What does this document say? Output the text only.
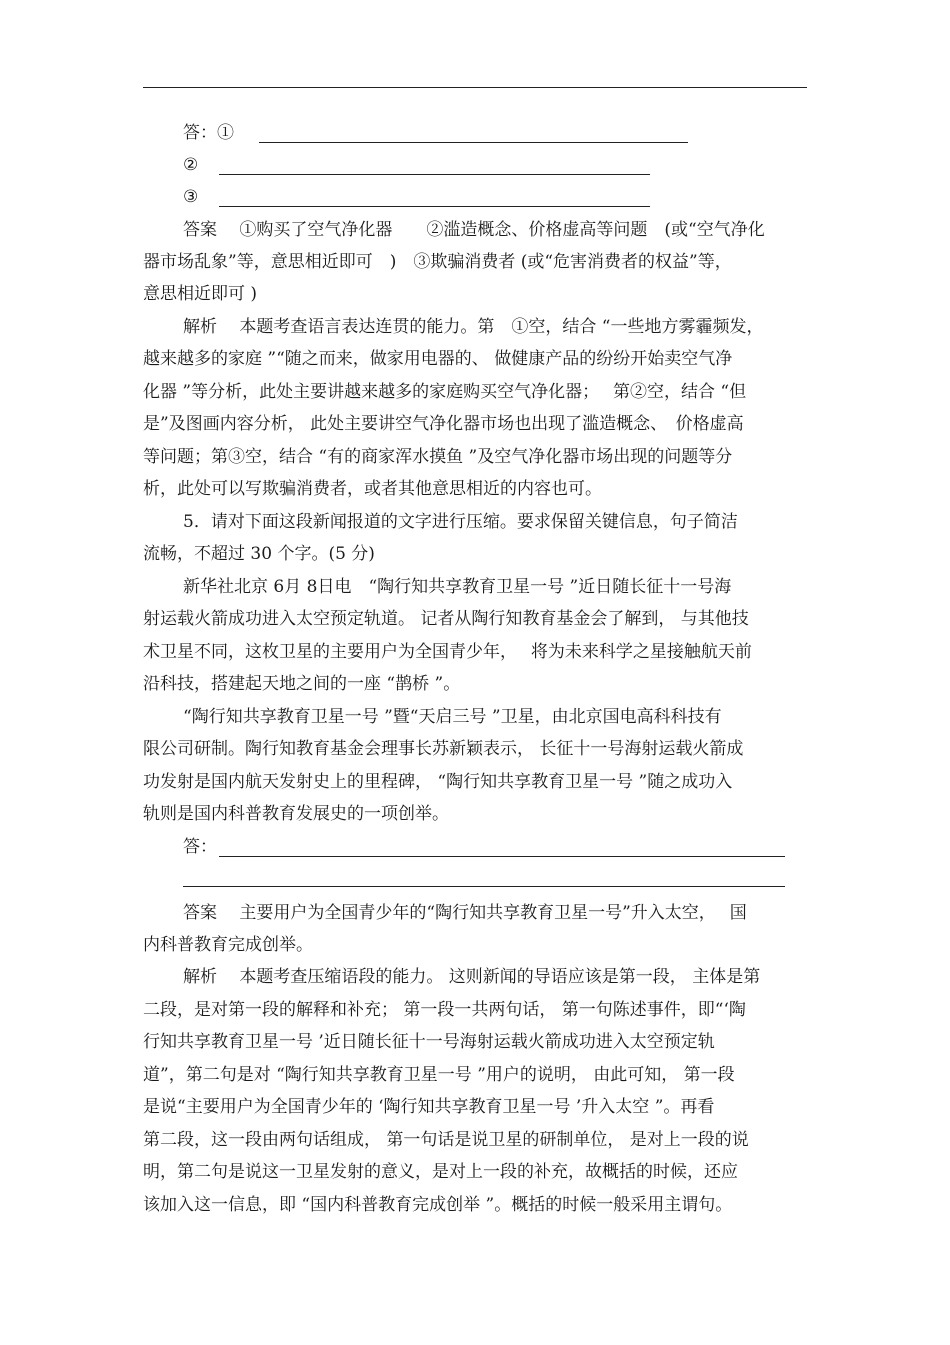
答：①
②
③
答案　 ①购买了空气净化器　　②滥造概念、价格虚高等问题　(或“空气净化
器市场乱象”等，意思相近即可　)　③欺骗消费者 (或“危害消费者的权益”等，
意思相近即可 )
解析　 本题考查语言表达连贯的能力。第　①空，结合 “一些地方雾霾频发，
越来越多的家庭 ”“随之而来，做家用电器的、 做健康产品的纷纷开始卖空气净
化器 ”等分析，此处主要讲越来越多的家庭购买空气净化器；　 第②空，结合 “但
是”及图画内容分析， 此处主要讲空气净化器市场也出现了滥造概念、　价格虚高
等问题；第③空，结合 “有的商家浑水摸鱼 ”及空气净化器市场出现的问题等分
析，此处可以写欺骗消费者，或者其他意思相近的内容也可。
5．请对下面这段新闻报道的文字进行压缩。要求保留关键信息，句子简洁
流畅，不超过 30 个字。(5 分)
新华社北京 6月 8日电　“陶行知共享教育卫星一号 ”近日随长征十一号海
射运载火箭成功进入太空预定轨道。 记者从陶行知教育基金会了解到， 与其他技
术卫星不同，这枚卫星的主要用户为全国青少年，　 将为未来科学之星接触航天前
沿科技，搭建起天地之间的一座 “鹊桥 ”。
“陶行知共享教育卫星一号 ”暨“天启三号 ”卫星，由北京国电高科科技有
限公司研制。陶行知教育基金会理事长苏新颖表示， 长征十一号海射运载火箭成
功发射是国内航天发射史上的里程碑， “陶行知共享教育卫星一号 ”随之成功入
轨则是国内科普教育发展史的一项创举。
答：
答案　 主要用户为全国青少年的“陶行知共享教育卫星一号”升入太空，　 国
内科普教育完成创举。
解析　 本题考查压缩语段的能力。 这则新闻的导语应该是第一段， 主体是第
二段，是对第一段的解释和补充； 第一段一共两句话， 第一句陈述事件，即“‘陶
行知共享教育卫星一号 ’近日随长征十一号海射运载火箭成功进入太空预定轨
道”，第二句是对 “陶行知共享教育卫星一号 ”用户的说明， 由此可知， 第一段
是说“主要用户为全国青少年的 ‘陶行知共享教育卫星一号 ’升入太空 ”。再看
第二段，这一段由两句话组成， 第一句话是说卫星的研制单位， 是对上一段的说
明，第二句是说这一卫星发射的意义，是对上一段的补充，故概括的时候，还应
该加入这一信息，即 “国内科普教育完成创举 ”。概括的时候一般采用主谓句。
